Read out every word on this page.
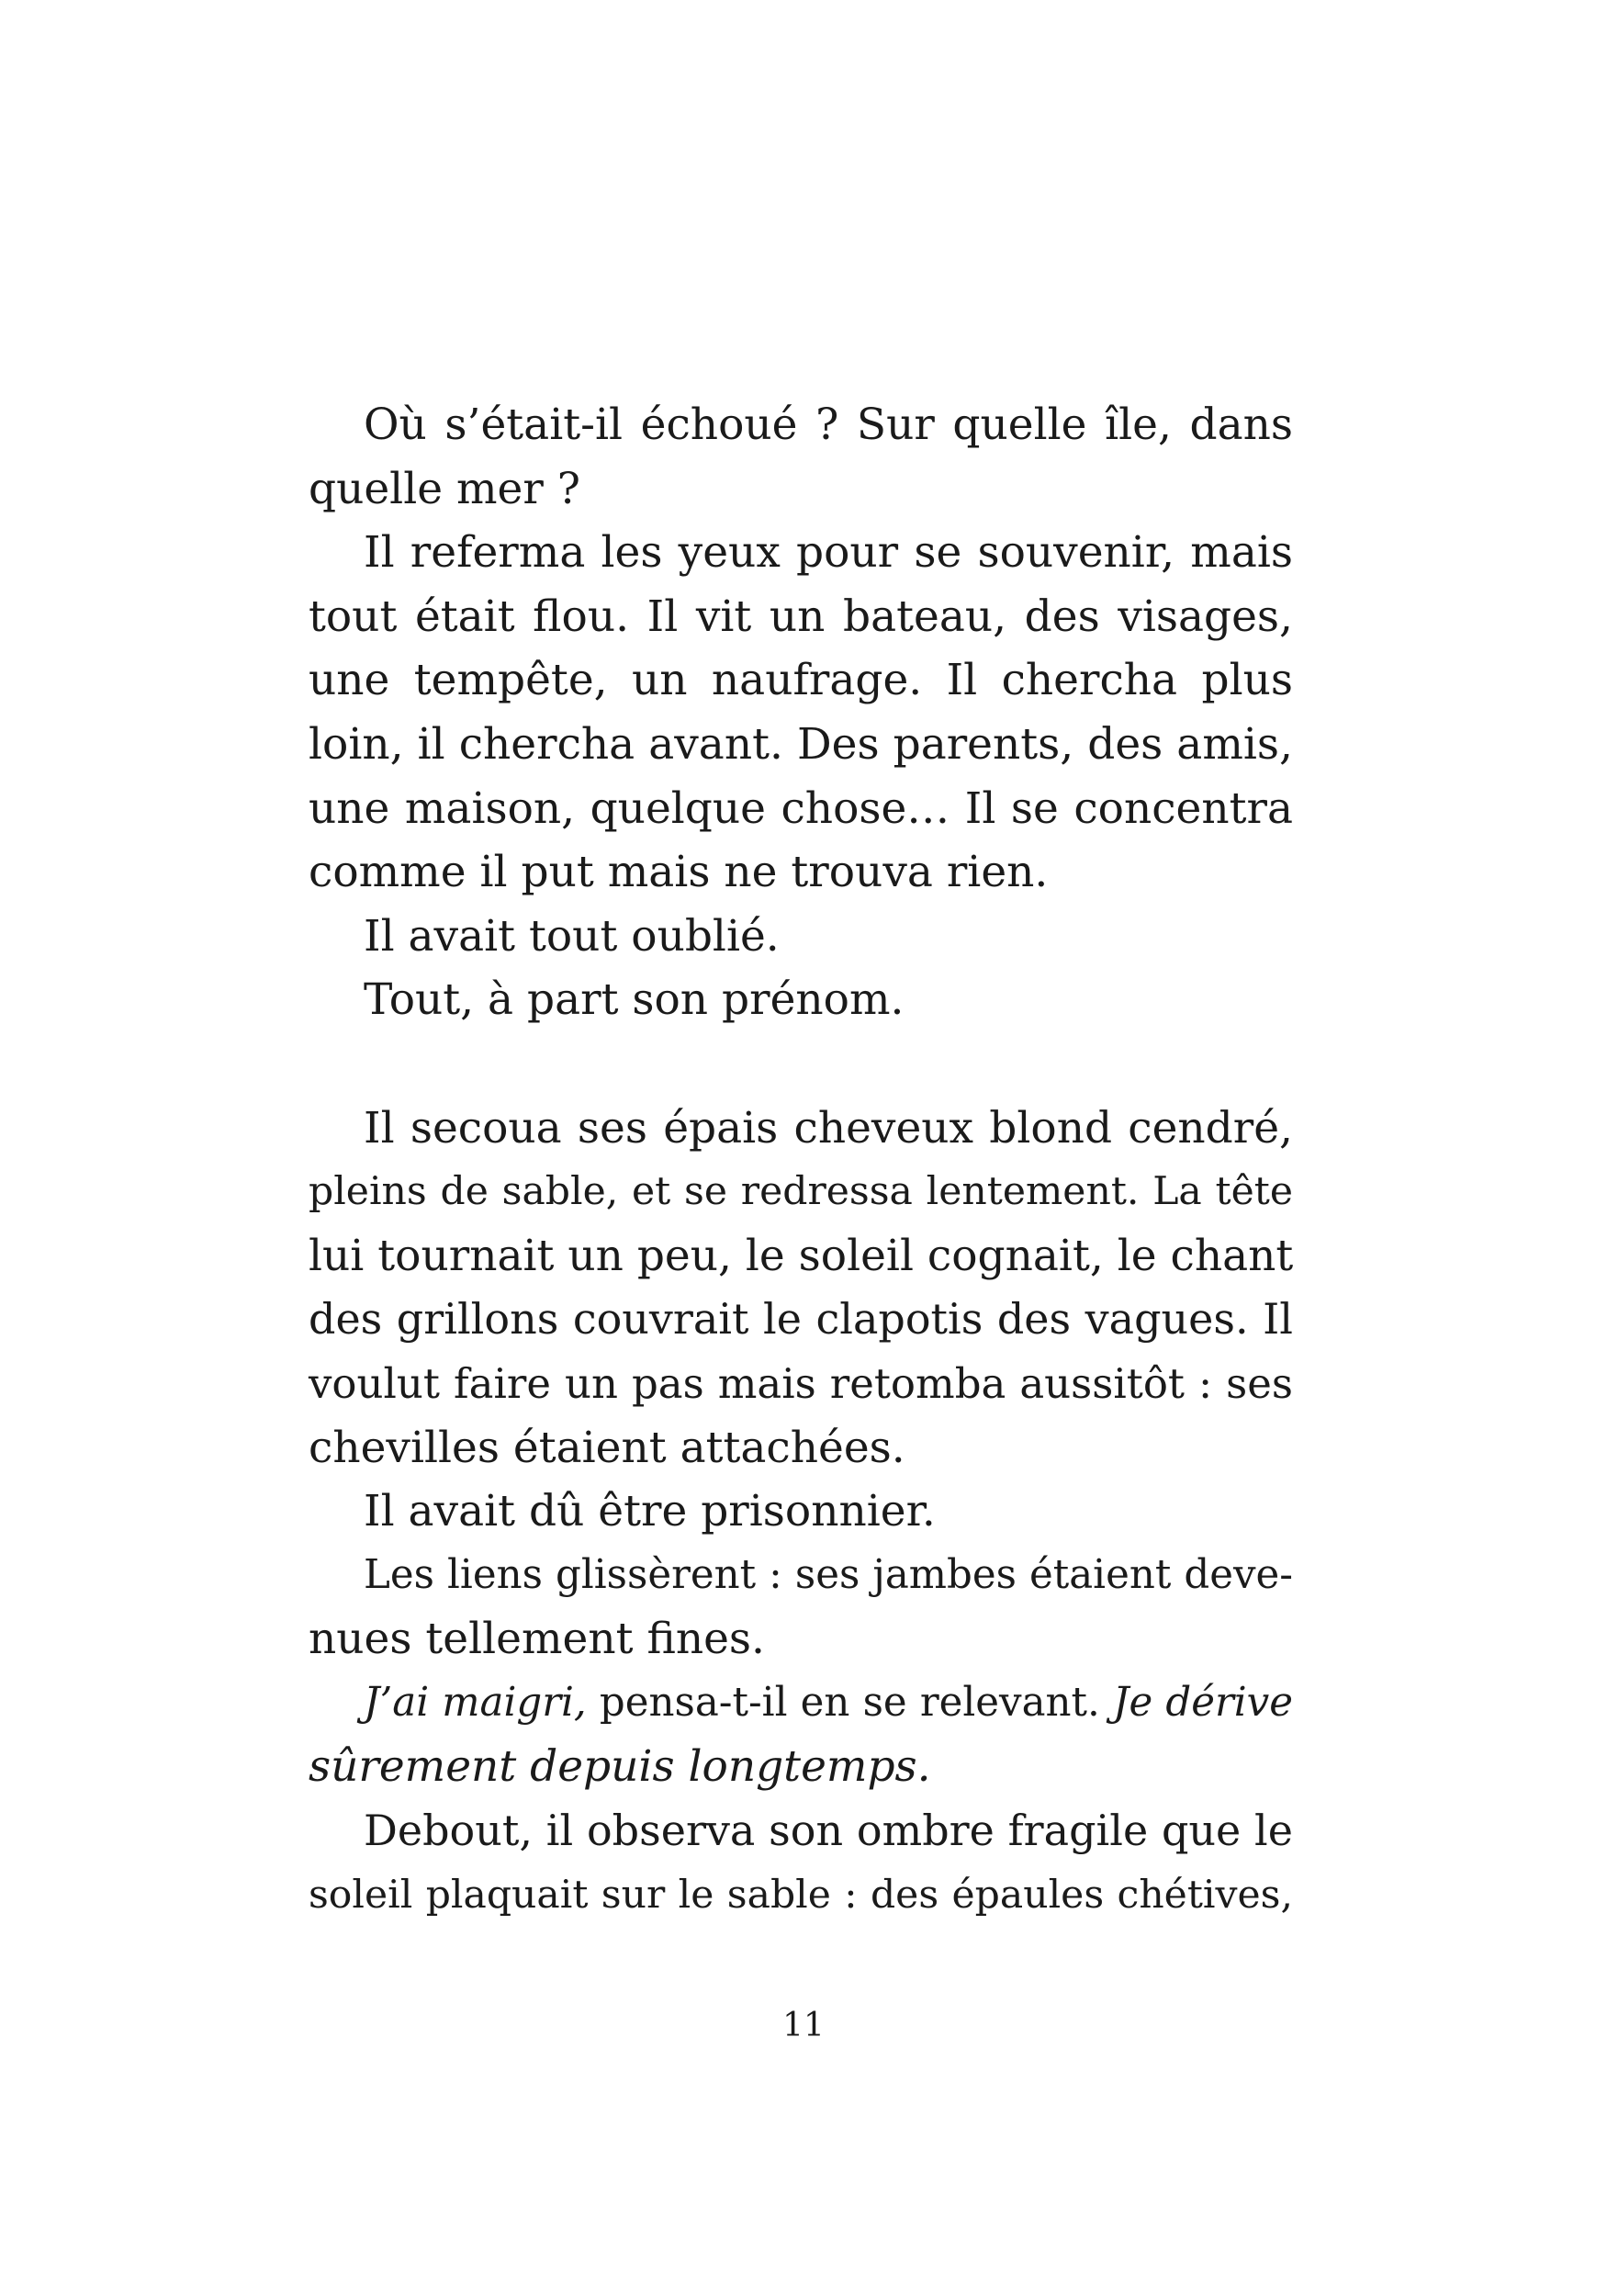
Où s’était-il échoué ? Sur quelle île, dans
quelle mer ?
Il referma les yeux pour se souvenir, mais
tout était flou. Il vit un bateau, des visages,
une tempête, un naufrage. Il chercha plus
loin, il chercha avant. Des parents, des amis,
une maison, quelque chose… Il se concentra
comme il put mais ne trouva rien.
Il avait tout oublié.
Tout, à part son prénom.
Il secoua ses épais cheveux blond cendré,
pleins de sable, et se redressa lentement. La tête
lui tournait un peu, le soleil cognait, le chant
des grillons couvrait le clapotis des vagues. Il
voulut faire un pas mais retomba aussitôt : ses
chevilles étaient attachées.
Il avait dû être prisonnier.
Les liens glissèrent : ses jambes étaient deve-
nues tellement fines.
J’ai maigri, pensa-t-il en se relevant. Je dérive
sûrement depuis longtemps.
Debout, il observa son ombre fragile que le
soleil plaquait sur le sable : des épaules chétives,
11
